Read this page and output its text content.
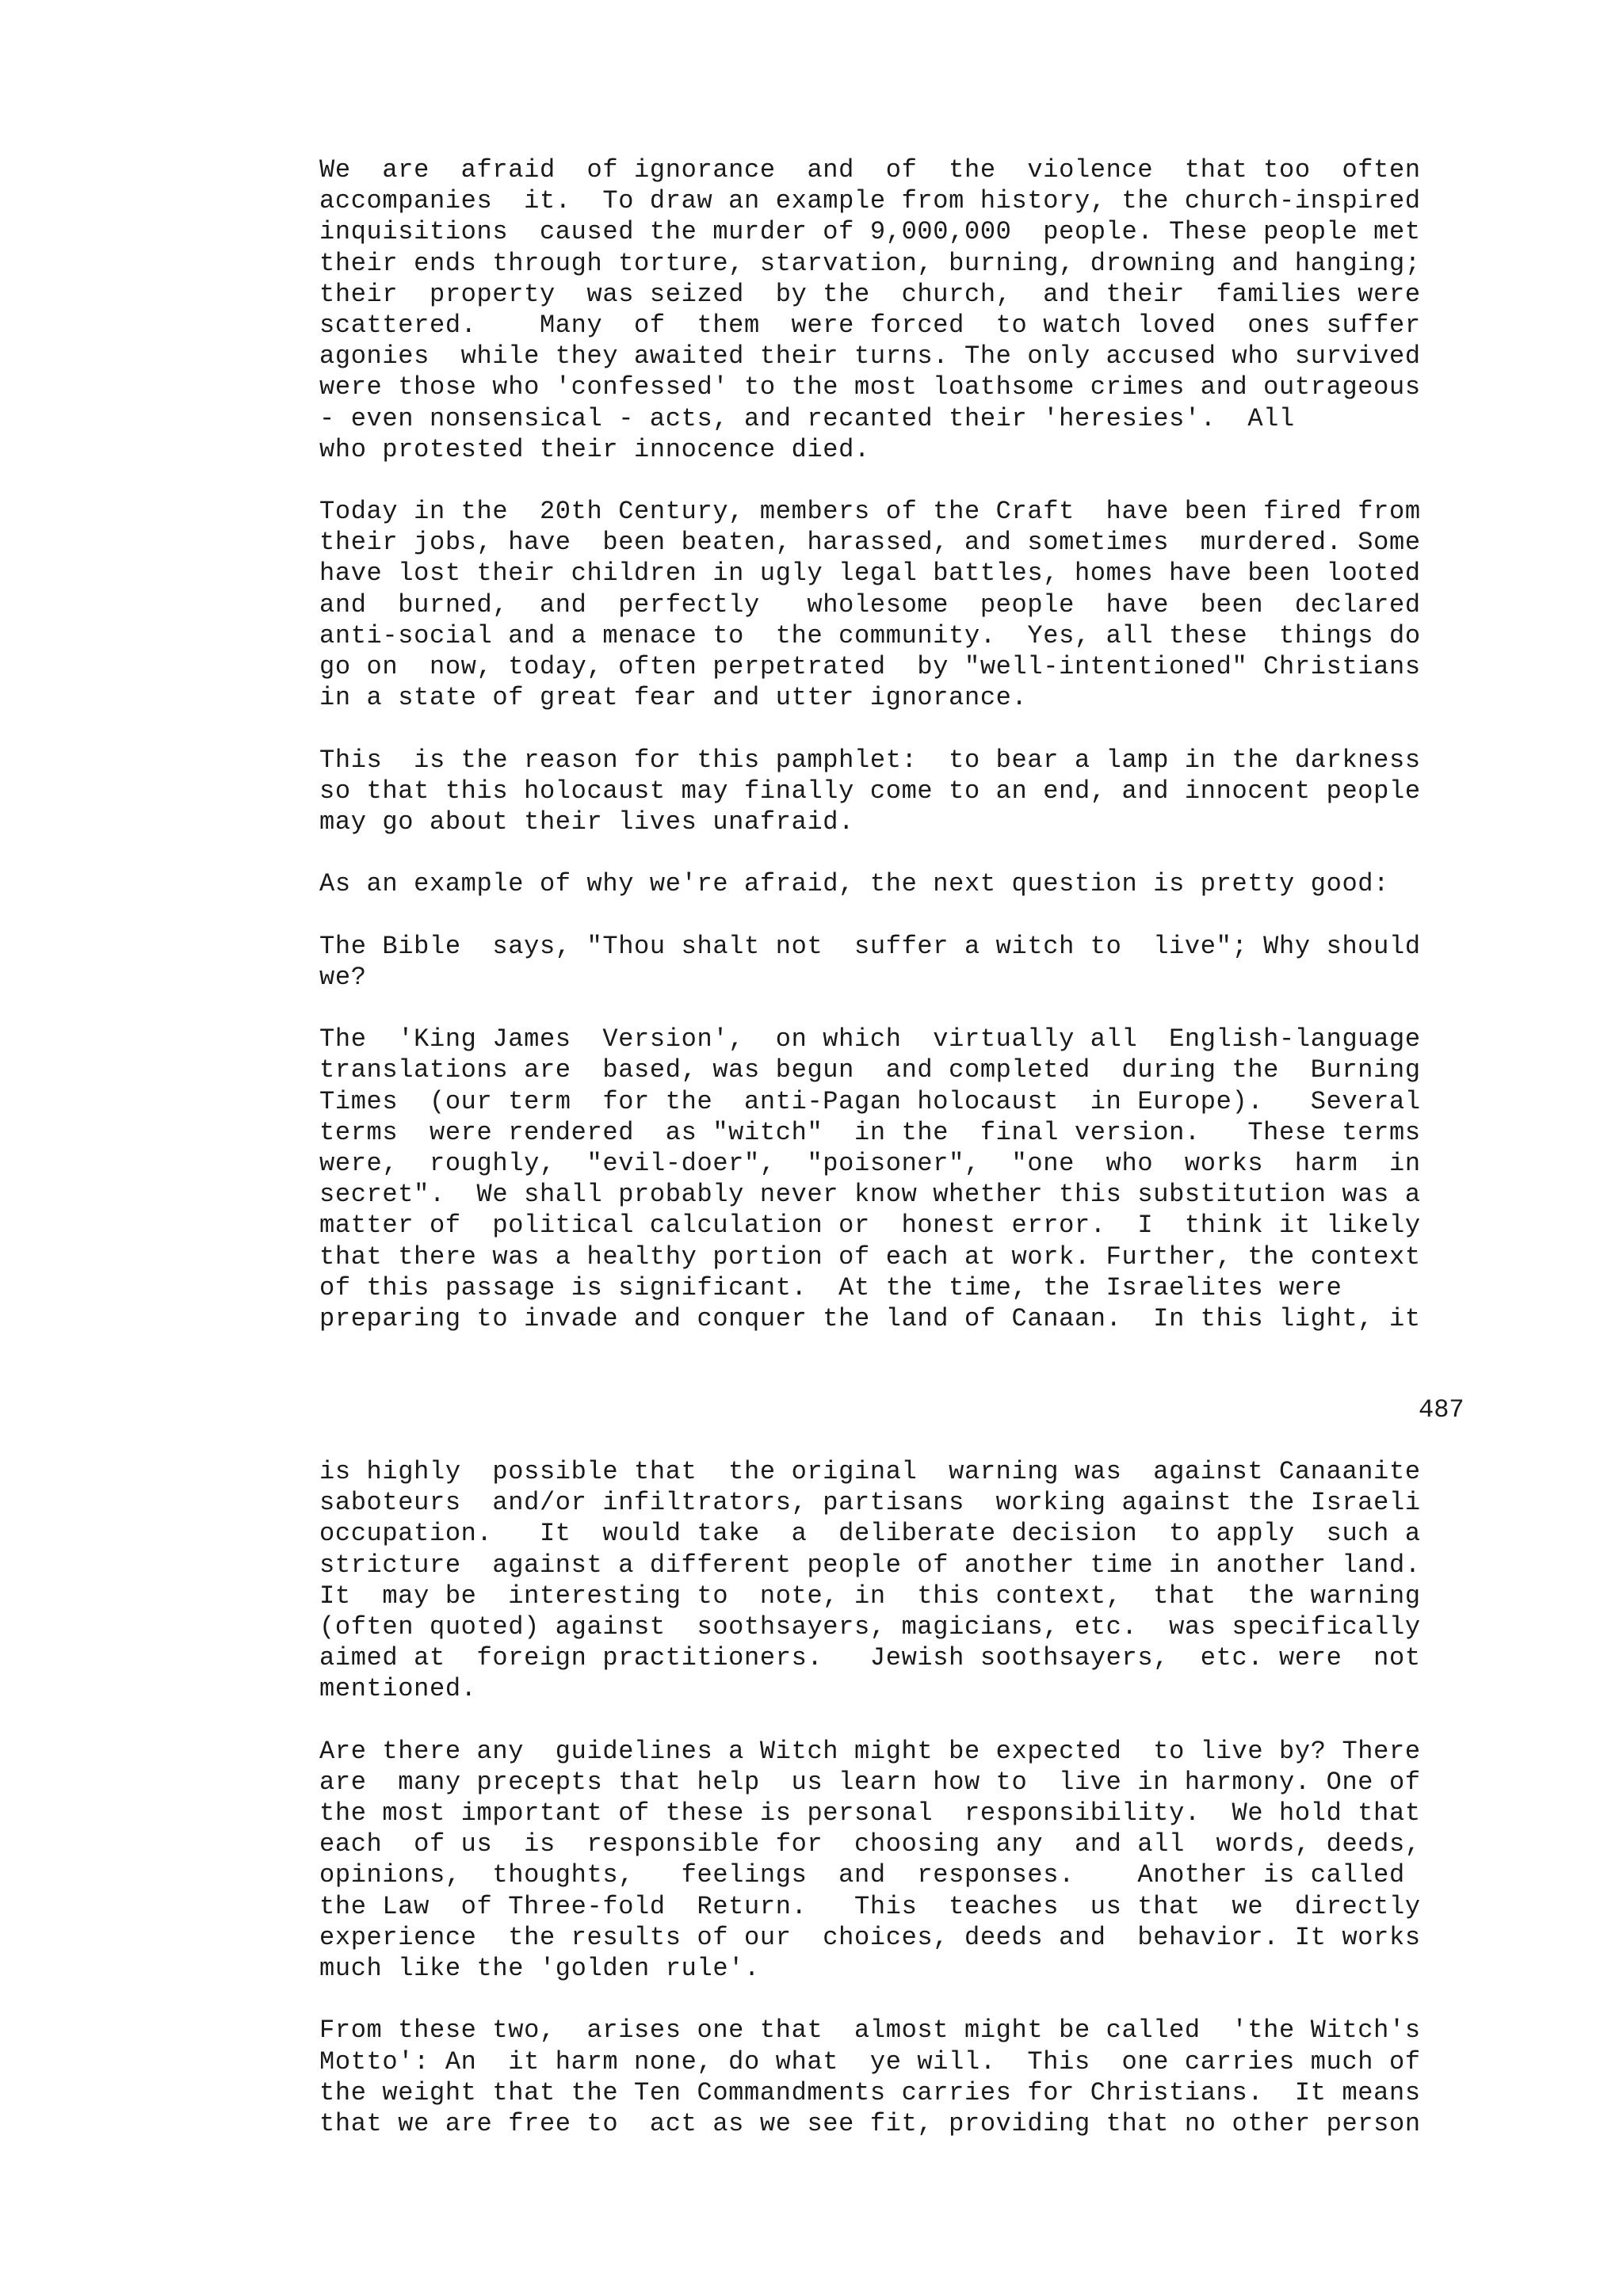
We  are  afraid  of ignorance  and  of  the  violence  that too  often
accompanies  it.  To draw an example from history, the church-inspired
inquisitions  caused the murder of 9,000,000  people. These people met
their ends through torture, starvation, burning, drowning and hanging;
their  property  was seized  by the  church,  and their  families were
scattered.    Many  of  them  were forced  to watch loved  ones suffer
agonies  while they awaited their turns. The only accused who survived
were those who 'confessed' to the most loathsome crimes and outrageous
- even nonsensical - acts, and recanted their 'heresies'.  All
who protested their innocence died.
Today in the  20th Century, members of the Craft  have been fired from
their jobs, have  been beaten, harassed, and sometimes  murdered. Some
have lost their children in ugly legal battles, homes have been looted
and  burned,  and  perfectly   wholesome  people  have  been  declared
anti-social and a menace to  the community.  Yes, all these  things do
go on  now, today, often perpetrated  by "well-intentioned" Christians
in a state of great fear and utter ignorance.
This  is the reason for this pamphlet:  to bear a lamp in the darkness
so that this holocaust may finally come to an end, and innocent people
may go about their lives unafraid.
As an example of why we're afraid, the next question is pretty good:
The Bible  says, "Thou shalt not  suffer a witch to  live"; Why should
we?
The  'King James  Version',  on which  virtually all  English-language
translations are  based, was begun  and completed  during the  Burning
Times  (our term  for the  anti-Pagan holocaust  in Europe).   Several
terms  were rendered  as "witch"  in the  final version.   These terms
were,  roughly,  "evil-doer",  "poisoner",  "one  who  works  harm  in
secret".  We shall probably never know whether this substitution was a
matter of  political calculation or  honest error.  I  think it likely
that there was a healthy portion of each at work. Further, the context
of this passage is significant.  At the time, the Israelites were
preparing to invade and conquer the land of Canaan.  In this light, it
487
is highly  possible that  the original  warning was  against Canaanite
saboteurs  and/or infiltrators, partisans  working against the Israeli
occupation.   It  would take  a  deliberate decision  to apply  such a
stricture  against a different people of another time in another land.
It  may be  interesting to  note, in  this context,  that  the warning
(often quoted) against  soothsayers, magicians, etc.  was specifically
aimed at  foreign practitioners.   Jewish soothsayers,  etc. were  not
mentioned.
Are there any  guidelines a Witch might be expected  to live by? There
are  many precepts that help  us learn how to  live in harmony. One of
the most important of these is personal  responsibility.  We hold that
each  of us  is  responsible for  choosing any  and all  words, deeds,
opinions,  thoughts,   feelings  and  responses.    Another is called
the Law  of Three-fold  Return.   This  teaches  us that  we  directly
experience  the results of our  choices, deeds and  behavior. It works
much like the 'golden rule'.
From these two,  arises one that  almost might be called  'the Witch's
Motto': An  it harm none, do what  ye will.  This  one carries much of
the weight that the Ten Commandments carries for Christians.  It means
that we are free to  act as we see fit, providing that no other person
